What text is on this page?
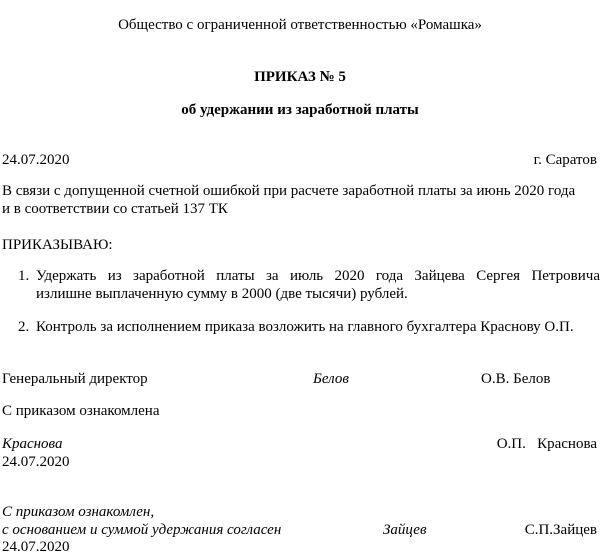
Общество с ограниченной ответственностью «Ромашка»
ПРИКАЗ № 5
об удержании из заработной платы
24.07.2020	г. Саратов
В связи с допущенной счетной ошибкой при расчете заработной платы за июнь 2020 года
и в соответствии со статьей 137 ТК
ПРИКАЗЫВАЮ:
1. Удержать из заработной платы за июль 2020 года Зайцева Сергея Петровича
излишне выплаченную сумму в 2000 (две тысячи) рублей.
2. Контроль за исполнением приказа возложить на главного бухгалтера Краснову О.П.
Генеральный директор	Белов	О.В. Белов
С приказом ознакомлена
Краснова	О.П.   Краснова
24.07.2020
С приказом ознакомлен,
с основанием и суммой удержания согласен	Зайцев	С.П.Зайцев
24.07.2020
